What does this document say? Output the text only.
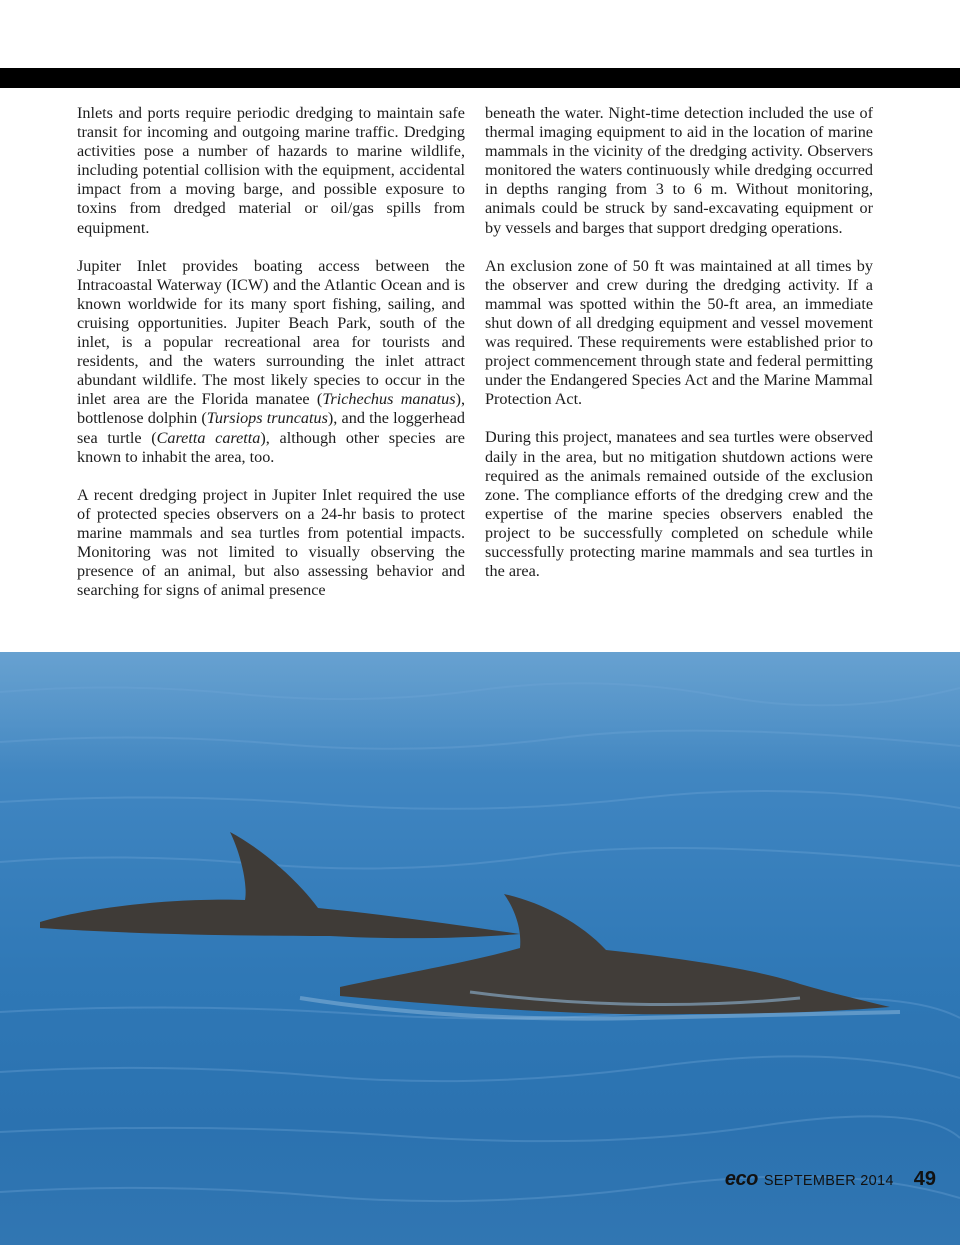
Inlets and ports require periodic dredging to maintain safe transit for incoming and outgoing marine traffic. Dredging activities pose a number of hazards to marine wildlife, including potential collision with the equipment, accidental impact from a moving barge, and possible exposure to toxins from dredged material or oil/gas spills from equipment.

Jupiter Inlet provides boating access between the Intracoastal Waterway (ICW) and the Atlantic Ocean and is known worldwide for its many sport fishing, sailing, and cruising opportunities. Jupiter Beach Park, south of the inlet, is a popular recreational area for tourists and residents, and the waters surrounding the inlet attract abundant wildlife. The most likely species to occur in the inlet area are the Florida manatee (Trichechus manatus), bottlenose dolphin (Tursiops truncatus), and the loggerhead sea turtle (Caretta caretta), although other species are known to inhabit the area, too.

A recent dredging project in Jupiter Inlet required the use of protected species observers on a 24-hr basis to protect marine mammals and sea turtles from potential impacts. Monitoring was not limited to visually observing the presence of an animal, but also assessing behavior and searching for signs of animal presence

beneath the water. Night-time detection included the use of thermal imaging equipment to aid in the location of marine mammals in the vicinity of the dredging activity. Observers monitored the waters continuously while dredging occurred in depths ranging from 3 to 6 m. Without monitoring, animals could be struck by sand-excavating equipment or by vessels and barges that support dredging operations.

An exclusion zone of 50 ft was maintained at all times by the observer and crew during the dredging activity. If a mammal was spotted within the 50-ft area, an immediate shut down of all dredging equipment and vessel movement was required. These requirements were established prior to project commencement through state and federal permitting under the Endangered Species Act and the Marine Mammal Protection Act.

During this project, manatees and sea turtles were observed daily in the area, but no mitigation shutdown actions were required as the animals remained outside of the exclusion zone. The compliance efforts of the dredging crew and the expertise of the marine species observers enabled the project to be successfully completed on schedule while successfully protecting marine mammals and sea turtles in the area.

eco SEPTEMBER 2014 49
